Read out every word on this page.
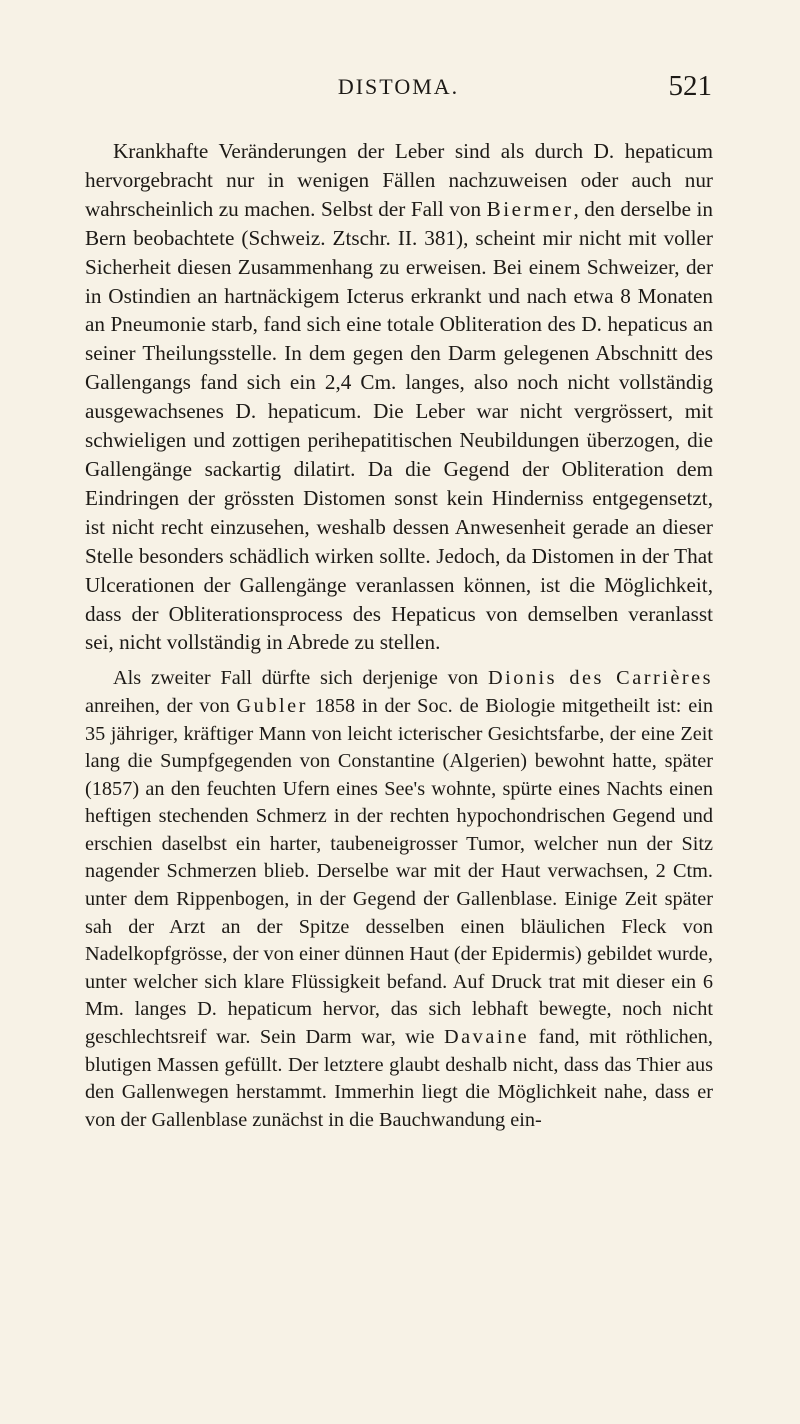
DISTOMA.	521

Krankhafte Veränderungen der Leber sind als durch D. hepaticum hervorgebracht nur in wenigen Fällen nachzuweisen oder auch nur wahrscheinlich zu machen. Selbst der Fall von Biermer, den derselbe in Bern beobachtete (Schweiz. Ztschr. II. 381), scheint mir nicht mit voller Sicherheit diesen Zusammenhang zu erweisen. Bei einem Schweizer, der in Ostindien an hartnäckigem Icterus erkrankt und nach etwa 8 Monaten an Pneumonie starb, fand sich eine totale Obliteration des D. hepaticus an seiner Theilungsstelle. In dem gegen den Darm gelegenen Abschnitt des Gallengangs fand sich ein 2,4 Cm. langes, also noch nicht vollständig ausgewachsenes D. hepaticum. Die Leber war nicht vergrössert, mit schwieligen und zottigen perihepatitischen Neubildungen überzogen, die Gallengänge sackartig dilatirt. Da die Gegend der Obliteration dem Eindringen der grössten Distomen sonst kein Hinderniss entgegensetzt, ist nicht recht einzusehen, weshalb dessen Anwesenheit gerade an dieser Stelle besonders schädlich wirken sollte. Jedoch, da Distomen in der That Ulcerationen der Gallengänge veranlassen können, ist die Möglichkeit, dass der Obliterationsprocess des Hepaticus von demselben veranlasst sei, nicht vollständig in Abrede zu stellen.

Als zweiter Fall dürfte sich derjenige von Dionis des Carrières anreihen, der von Gubler 1858 in der Soc. de Biologie mitgetheilt ist: ein 35 jähriger, kräftiger Mann von leicht icterischer Gesichtsfarbe, der eine Zeit lang die Sumpfgegenden von Constantine (Algerien) bewohnt hatte, später (1857) an den feuchten Ufern eines See's wohnte, spürte eines Nachts einen heftigen stechenden Schmerz in der rechten hypochondrischen Gegend und erschien daselbst ein harter, taubeneigrosser Tumor, welcher nun der Sitz nagender Schmerzen blieb. Derselbe war mit der Haut verwachsen, 2 Ctm. unter dem Rippenbogen, in der Gegend der Gallenblase. Einige Zeit später sah der Arzt an der Spitze desselben einen bläulichen Fleck von Nadelkopfgrösse, der von einer dünnen Haut (der Epidermis) gebildet wurde, unter welcher sich klare Flüssigkeit befand. Auf Druck trat mit dieser ein 6 Mm. langes D. hepaticum hervor, das sich lebhaft bewegte, noch nicht geschlechtsreif war. Sein Darm war, wie Davaine fand, mit röthlichen, blutigen Massen gefüllt. Der letztere glaubt deshalb nicht, dass das Thier aus den Gallenwegen herstammt. Immerhin liegt die Möglichkeit nahe, dass er von der Gallenblase zunächst in die Bauchwandung ein-
